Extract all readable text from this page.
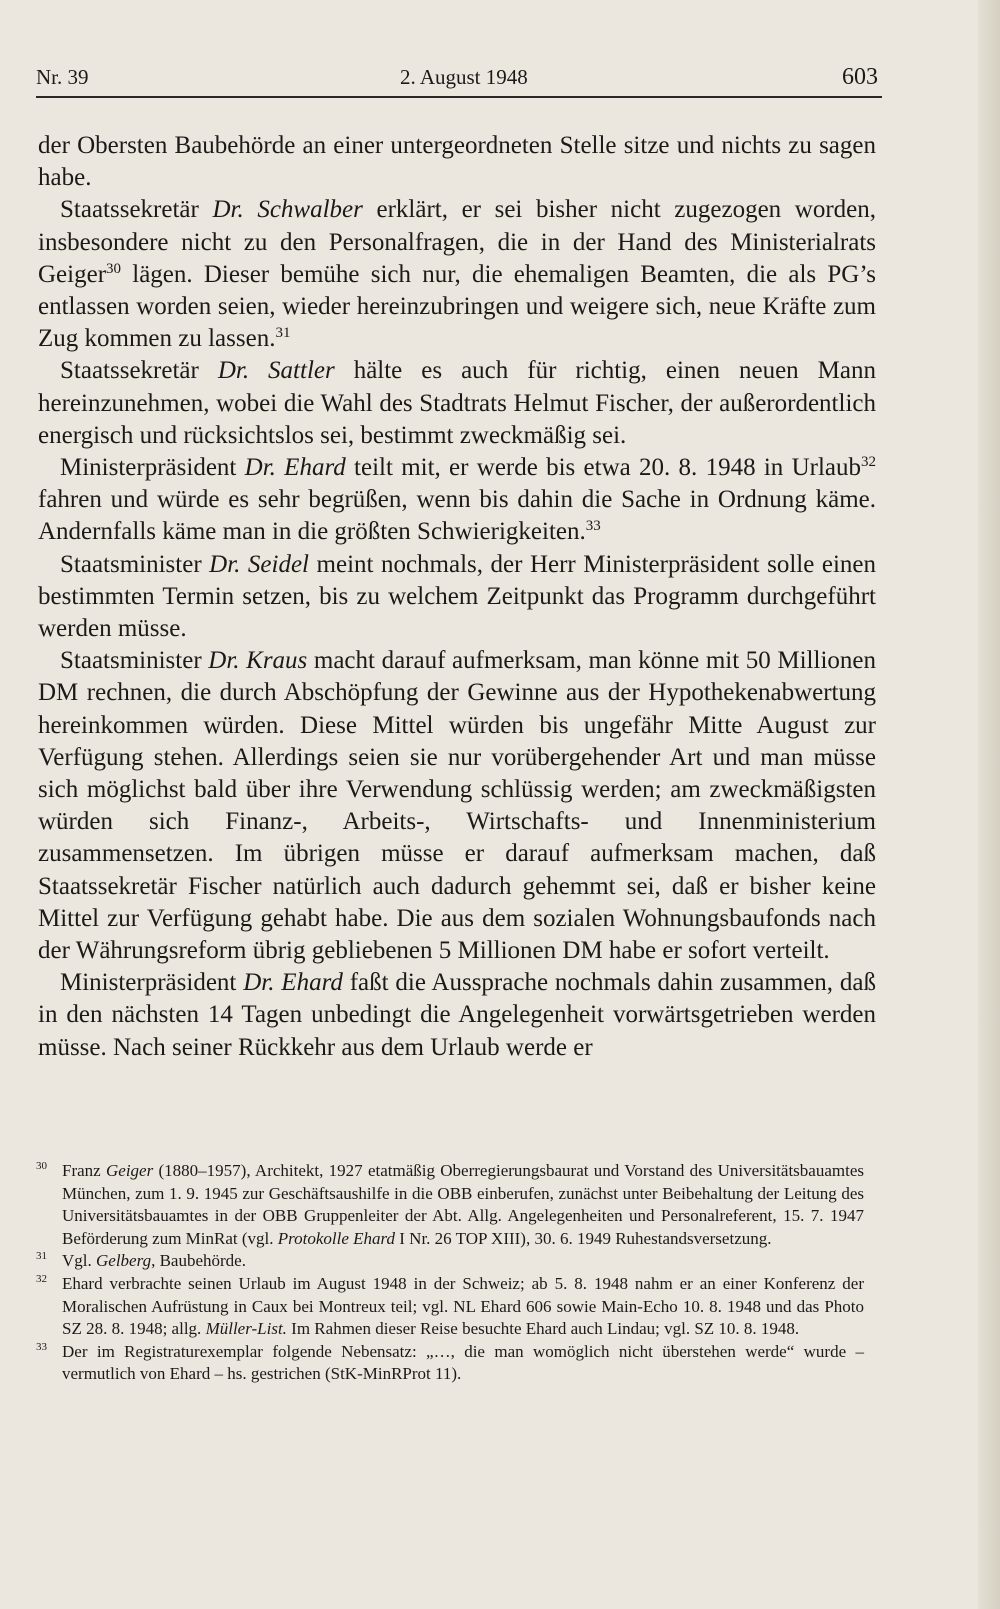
Nr. 39	2. August 1948	603

der Obersten Baubehörde an einer untergeordneten Stelle sitze und nichts zu sagen habe.

Staatssekretär Dr. Schwalber erklärt, er sei bisher nicht zugezogen worden, insbesondere nicht zu den Personalfragen, die in der Hand des Ministerialrats Geiger$^{30}$ lägen. Dieser bemühe sich nur, die ehemaligen Beamten, die als PG’s entlassen worden seien, wieder hereinzubringen und weigere sich, neue Kräfte zum Zug kommen zu lassen.$^{31}$

Staatssekretär Dr. Sattler hälte es auch für richtig, einen neuen Mann hereinzunehmen, wobei die Wahl des Stadtrats Helmut Fischer, der außerordentlich energisch und rücksichtslos sei, bestimmt zweckmäßig sei.

Ministerpräsident Dr. Ehard teilt mit, er werde bis etwa 20. 8. 1948 in Urlaub$^{32}$ fahren und würde es sehr begrüßen, wenn bis dahin die Sache in Ordnung käme. Andernfalls käme man in die größten Schwierigkeiten.$^{33}$

Staatsminister Dr. Seidel meint nochmals, der Herr Ministerpräsident solle einen bestimmten Termin setzen, bis zu welchem Zeitpunkt das Programm durchgeführt werden müsse.

Staatsminister Dr. Kraus macht darauf aufmerksam, man könne mit 50 Millionen DM rechnen, die durch Abschöpfung der Gewinne aus der Hypothekenabwertung hereinkommen würden. Diese Mittel würden bis ungefähr Mitte August zur Verfügung stehen. Allerdings seien sie nur vorübergehender Art und man müsse sich möglichst bald über ihre Verwendung schlüssig werden; am zweckmäßigsten würden sich Finanz-, Arbeits-, Wirtschafts- und Innenministerium zusammensetzen. Im übrigen müsse er darauf aufmerksam machen, daß Staatssekretär Fischer natürlich auch dadurch gehemmt sei, daß er bisher keine Mittel zur Verfügung gehabt habe. Die aus dem sozialen Wohnungsbaufonds nach der Währungsreform übrig gebliebenen 5 Millionen DM habe er sofort verteilt.

Ministerpräsident Dr. Ehard faßt die Aussprache nochmals dahin zusammen, daß in den nächsten 14 Tagen unbedingt die Angelegenheit vorwärtsgetrieben werden müsse. Nach seiner Rückkehr aus dem Urlaub werde er

30 Franz Geiger (1880–1957), Architekt, 1927 etatmäßig Oberregierungsbaurat und Vorstand des Universitätsbauamtes München, zum 1. 9. 1945 zur Geschäftsaushilfe in die OBB einberufen, zunächst unter Beibehaltung der Leitung des Universitätsbauamtes in der OBB Gruppenleiter der Abt. Allg. Angelegenheiten und Personalreferent, 15. 7. 1947 Beförderung zum MinRat (vgl. Protokolle Ehard I Nr. 26 TOP XIII), 30. 6. 1949 Ruhestandsversetzung.
31 Vgl. Gelberg, Baubehörde.
32 Ehard verbrachte seinen Urlaub im August 1948 in der Schweiz; ab 5. 8. 1948 nahm er an einer Konferenz der Moralischen Aufrüstung in Caux bei Montreux teil; vgl. NL Ehard 606 sowie Main-Echo 10. 8. 1948 und das Photo SZ 28. 8. 1948; allg. Müller-List. Im Rahmen dieser Reise besuchte Ehard auch Lindau; vgl. SZ 10. 8. 1948.
33 Der im Registraturexemplar folgende Nebensatz: „…, die man womöglich nicht überstehen werde“ wurde – vermutlich von Ehard – hs. gestrichen (StK-MinRProt 11).
